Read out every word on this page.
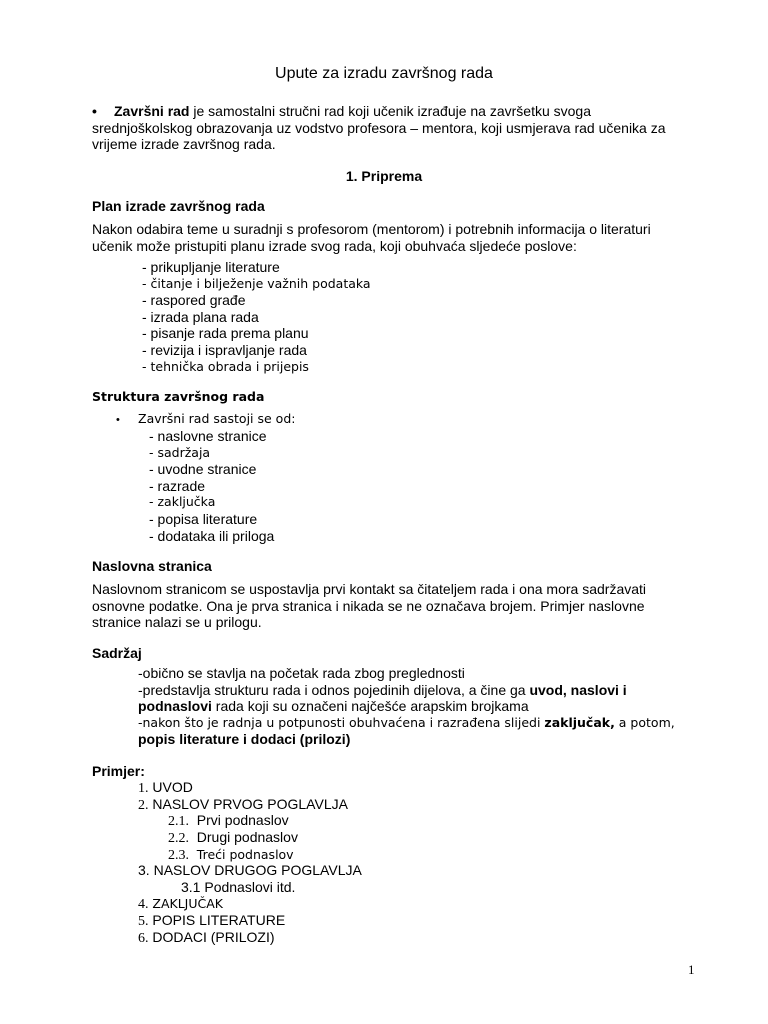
Upute za izradu završnog rada
•	Završni rad je samostalni stručni rad koji učenik izrađuje na završetku svoga srednjoškolskog obrazovanja uz vodstvo profesora – mentora, koji usmjerava rad učenika za vrijeme izrade završnog rada.

1. Priprema
Plan izrade završnog rada

Nakon odabira teme u suradnji s profesorom (mentorom) i potrebnih informacija o literaturi učenik može pristupiti planu izrade svog rada, koji obuhvaća sljedeće poslove:

- prikupljanje literature
- čitanje i bilježenje važnih podataka
- raspored građe
- izrada plana rada
- pisanje rada prema planu
- revizija i ispravljanje rada
- tehnička obrada i prijepis
Struktura završnog rada
• Završni rad sastoji se od:
- naslovne stranice
- sadržaja
- uvodne stranice
- razrade
- zaključka
- popisa literature
- dodataka ili priloga
Naslovna stranica

Naslovnom stranicom se uspostavlja prvi kontakt sa čitateljem rada i ona mora sadržavati osnovne podatke. Ona je prva stranica i nikada se ne označava brojem. Primjer naslovne stranice nalazi se u prilogu.

Sadržaj
-obično se stavlja na početak rada zbog preglednosti
-predstavlja strukturu rada i odnos pojedinih dijelova, a čine ga uvod, naslovi i podnaslovi rada koji su označeni najčešće arapskim brojkama
-nakon što je radnja u potpunosti obuhvaćena i razrađena slijedi zaključak, a potom,
popis literature i dodaci (prilozi)
Primjer:
1. UVOD
2. NASLOV PRVOG POGLAVLJA
2.1. Prvi podnaslov
2.2. Drugi podnaslov
2.3. Treći podnaslov
3. NASLOV DRUGOG POGLAVLJA
3.1 Podnaslovi itd.
4. ZAKLJUČAK
5. POPIS LITERATURE
6. DODACI (PRILOZI)
1
